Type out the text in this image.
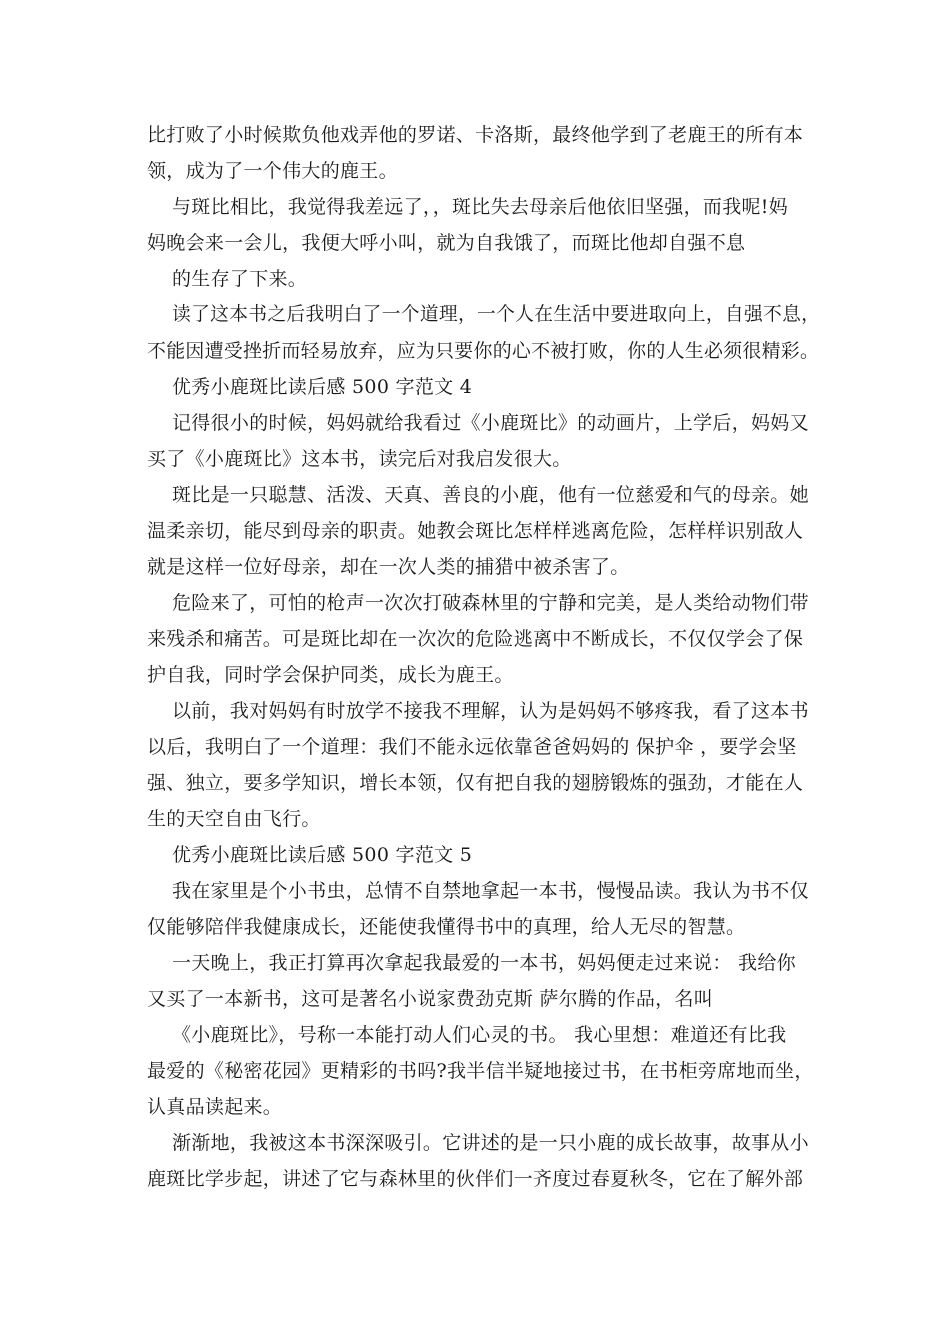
比打败了小时候欺负他戏弄他的罗诺、卡洛斯，最终他学到了老鹿王的所有本
领，成为了一个伟大的鹿王。
与斑比相比，我觉得我差远了，，斑比失去母亲后他依旧坚强，而我呢!妈
妈晚会来一会儿，我便大呼小叫，就为自我饿了，而斑比他却自强不息
的生存了下来。
读了这本书之后我明白了一个道理，一个人在生活中要进取向上，自强不息，
不能因遭受挫折而轻易放弃，应为只要你的心不被打败，你的人生必须很精彩。
优秀小鹿斑比读后感 500 字范文 4
记得很小的时候，妈妈就给我看过《小鹿斑比》的动画片，上学后，妈妈又
买了《小鹿斑比》这本书，读完后对我启发很大。
斑比是一只聪慧、活泼、天真、善良的小鹿，他有一位慈爱和气的母亲。她
温柔亲切，能尽到母亲的职责。她教会斑比怎样样逃离危险，怎样样识别敌人
就是这样一位好母亲，却在一次人类的捕猎中被杀害了。
危险来了，可怕的枪声一次次打破森林里的宁静和完美，是人类给动物们带
来残杀和痛苦。可是斑比却在一次次的危险逃离中不断成长，不仅仅学会了保
护自我，同时学会保护同类，成长为鹿王。
以前，我对妈妈有时放学不接我不理解，认为是妈妈不够疼我，看了这本书
以后，我明白了一个道理：我们不能永远依靠爸爸妈妈的 保护伞 ，要学会坚
强、独立，要多学知识，增长本领，仅有把自我的翅膀锻炼的强劲，才能在人
生的天空自由飞行。
优秀小鹿斑比读后感 500 字范文 5
我在家里是个小书虫，总情不自禁地拿起一本书，慢慢品读。我认为书不仅
仅能够陪伴我健康成长，还能使我懂得书中的真理，给人无尽的智慧。
一天晚上，我正打算再次拿起我最爱的一本书，妈妈便走过来说： 我给你
又买了一本新书，这可是著名小说家费劲克斯 萨尔腾的作品，名叫
《小鹿斑比》，号称一本能打动人们心灵的书。 我心里想：难道还有比我
最爱的《秘密花园》更精彩的书吗?我半信半疑地接过书，在书柜旁席地而坐，
认真品读起来。
渐渐地，我被这本书深深吸引。它讲述的是一只小鹿的成长故事，故事从小
鹿斑比学步起，讲述了它与森林里的伙伴们一齐度过春夏秋冬，它在了解外部
